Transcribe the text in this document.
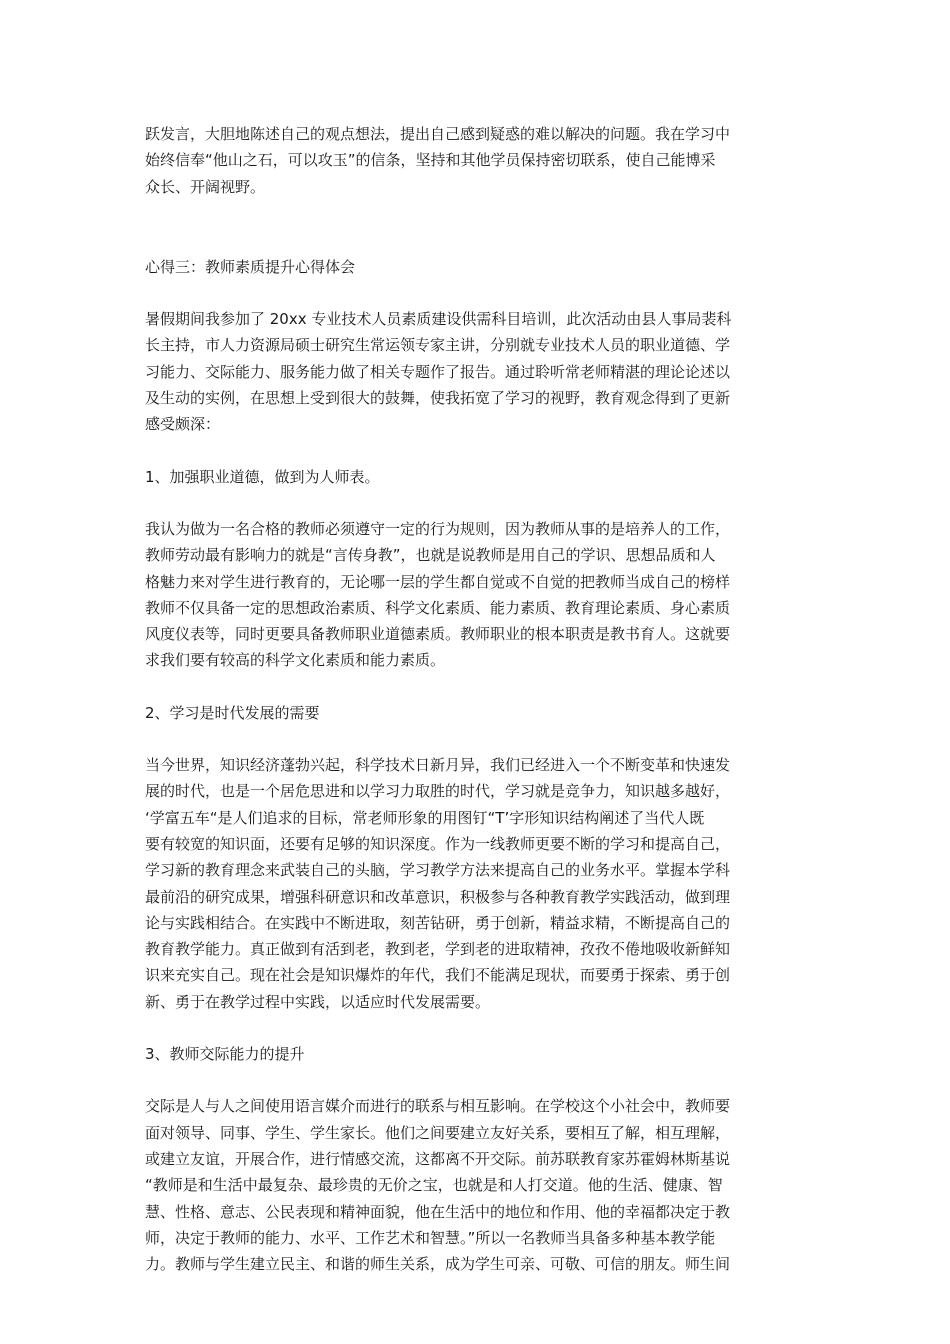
跃发言，大胆地陈述自己的观点想法，提出自己感到疑惑的难以解决的问题。我在学习中
始终信奉“他山之石，可以攻玉”的信条，坚持和其他学员保持密切联系，使自己能博采
众长、开阔视野。

心得三：教师素质提升心得体会

暑假期间我参加了 20xx 专业技术人员素质建设供需科目培训，此次活动由县人事局裴科
长主持，市人力资源局硕士研究生常运领专家主讲，分别就专业技术人员的职业道德、学
习能力、交际能力、服务能力做了相关专题作了报告。通过聆听常老师精湛的理论论述以
及生动的实例，在思想上受到很大的鼓舞，使我拓宽了学习的视野，教育观念得到了更新
感受颇深：

1、加强职业道德，做到为人师表。

我认为做为一名合格的教师必须遵守一定的行为规则，因为教师从事的是培养人的工作，
教师劳动最有影响力的就是“言传身教”，也就是说教师是用自己的学识、思想品质和人
格魅力来对学生进行教育的，无论哪一层的学生都自觉或不自觉的把教师当成自己的榜样
教师不仅具备一定的思想政治素质、科学文化素质、能力素质、教育理论素质、身心素质
风度仪表等，同时更要具备教师职业道德素质。教师职业的根本职责是教书育人。这就要
求我们要有较高的科学文化素质和能力素质。

2、学习是时代发展的需要

当今世界，知识经济蓬勃兴起，科学技术日新月异，我们已经进入一个不断变革和快速发
展的时代，也是一个居危思进和以学习力取胜的时代，学习就是竞争力，知识越多越好，
‘学富五车“是人们追求的目标，常老师形象的用图钉“T’字形知识结构阐述了当代人既
要有较宽的知识面，还要有足够的知识深度。作为一线教师更要不断的学习和提高自己，
学习新的教育理念来武装自己的头脑，学习教学方法来提高自己的业务水平。掌握本学科
最前沿的研究成果，增强科研意识和改革意识，积极参与各种教育教学实践活动，做到理
论与实践相结合。在实践中不断进取，刻苦钻研，勇于创新，精益求精，不断提高自己的
教育教学能力。真正做到有活到老，教到老，学到老的进取精神，孜孜不倦地吸收新鲜知
识来充实自己。现在社会是知识爆炸的年代，我们不能满足现状，而要勇于探索、勇于创
新、勇于在教学过程中实践，以适应时代发展需要。

3、教师交际能力的提升

交际是人与人之间使用语言媒介而进行的联系与相互影响。在学校这个小社会中，教师要
面对领导、同事、学生、学生家长。他们之间要建立友好关系，要相互了解，相互理解，
或建立友谊，开展合作，进行情感交流，这都离不开交际。前苏联教育家苏霍姆林斯基说
“教师是和生活中最复杂、最珍贵的无价之宝，也就是和人打交道。他的生活、健康、智
慧、性格、意志、公民表现和精神面貌，他在生活中的地位和作用、他的幸福都决定于教
师，决定于教师的能力、水平、工作艺术和智慧。”所以一名教师当具备多种基本教学能
力。教师与学生建立民主、和谐的师生关系，成为学生可亲、可敬、可信的朋友。师生间
